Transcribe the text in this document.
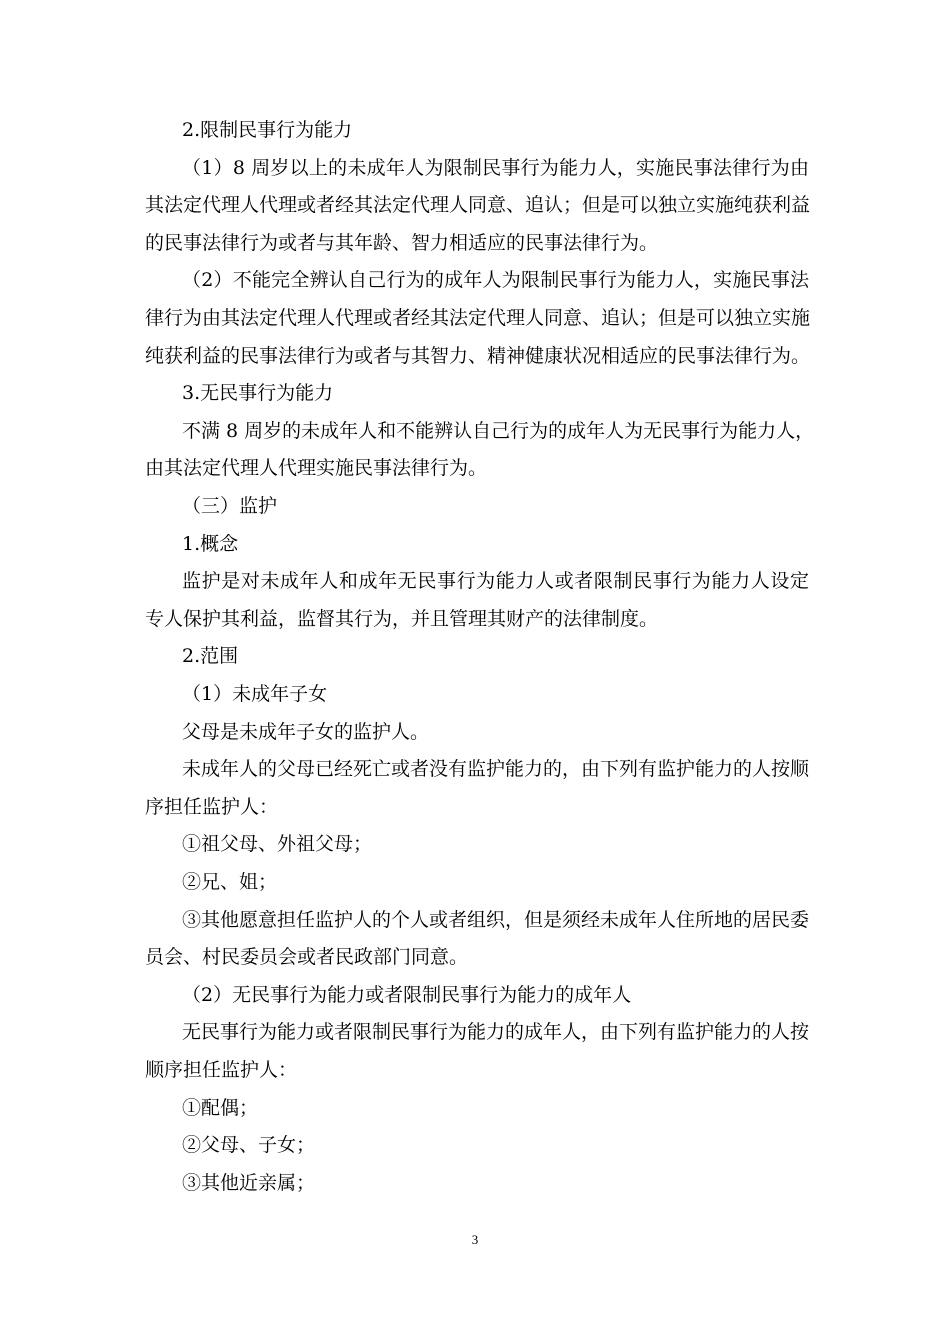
2.限制民事行为能力
（1）8 周岁以上的未成年人为限制民事行为能力人，实施民事法律行为由
其法定代理人代理或者经其法定代理人同意、追认；但是可以独立实施纯获利益
的民事法律行为或者与其年龄、智力相适应的民事法律行为。
（2）不能完全辨认自己行为的成年人为限制民事行为能力人，实施民事法
律行为由其法定代理人代理或者经其法定代理人同意、追认；但是可以独立实施
纯获利益的民事法律行为或者与其智力、精神健康状况相适应的民事法律行为。
3.无民事行为能力
不满 8 周岁的未成年人和不能辨认自己行为的成年人为无民事行为能力人，
由其法定代理人代理实施民事法律行为。
（三）监护
1.概念
监护是对未成年人和成年无民事行为能力人或者限制民事行为能力人设定
专人保护其利益，监督其行为，并且管理其财产的法律制度。
2.范围
（1）未成年子女
父母是未成年子女的监护人。
未成年人的父母已经死亡或者没有监护能力的，由下列有监护能力的人按顺
序担任监护人：
①祖父母、外祖父母；
②兄、姐；
③其他愿意担任监护人的个人或者组织，但是须经未成年人住所地的居民委
员会、村民委员会或者民政部门同意。
（2）无民事行为能力或者限制民事行为能力的成年人
无民事行为能力或者限制民事行为能力的成年人，由下列有监护能力的人按
顺序担任监护人：
①配偶；
②父母、子女；
③其他近亲属；
3
